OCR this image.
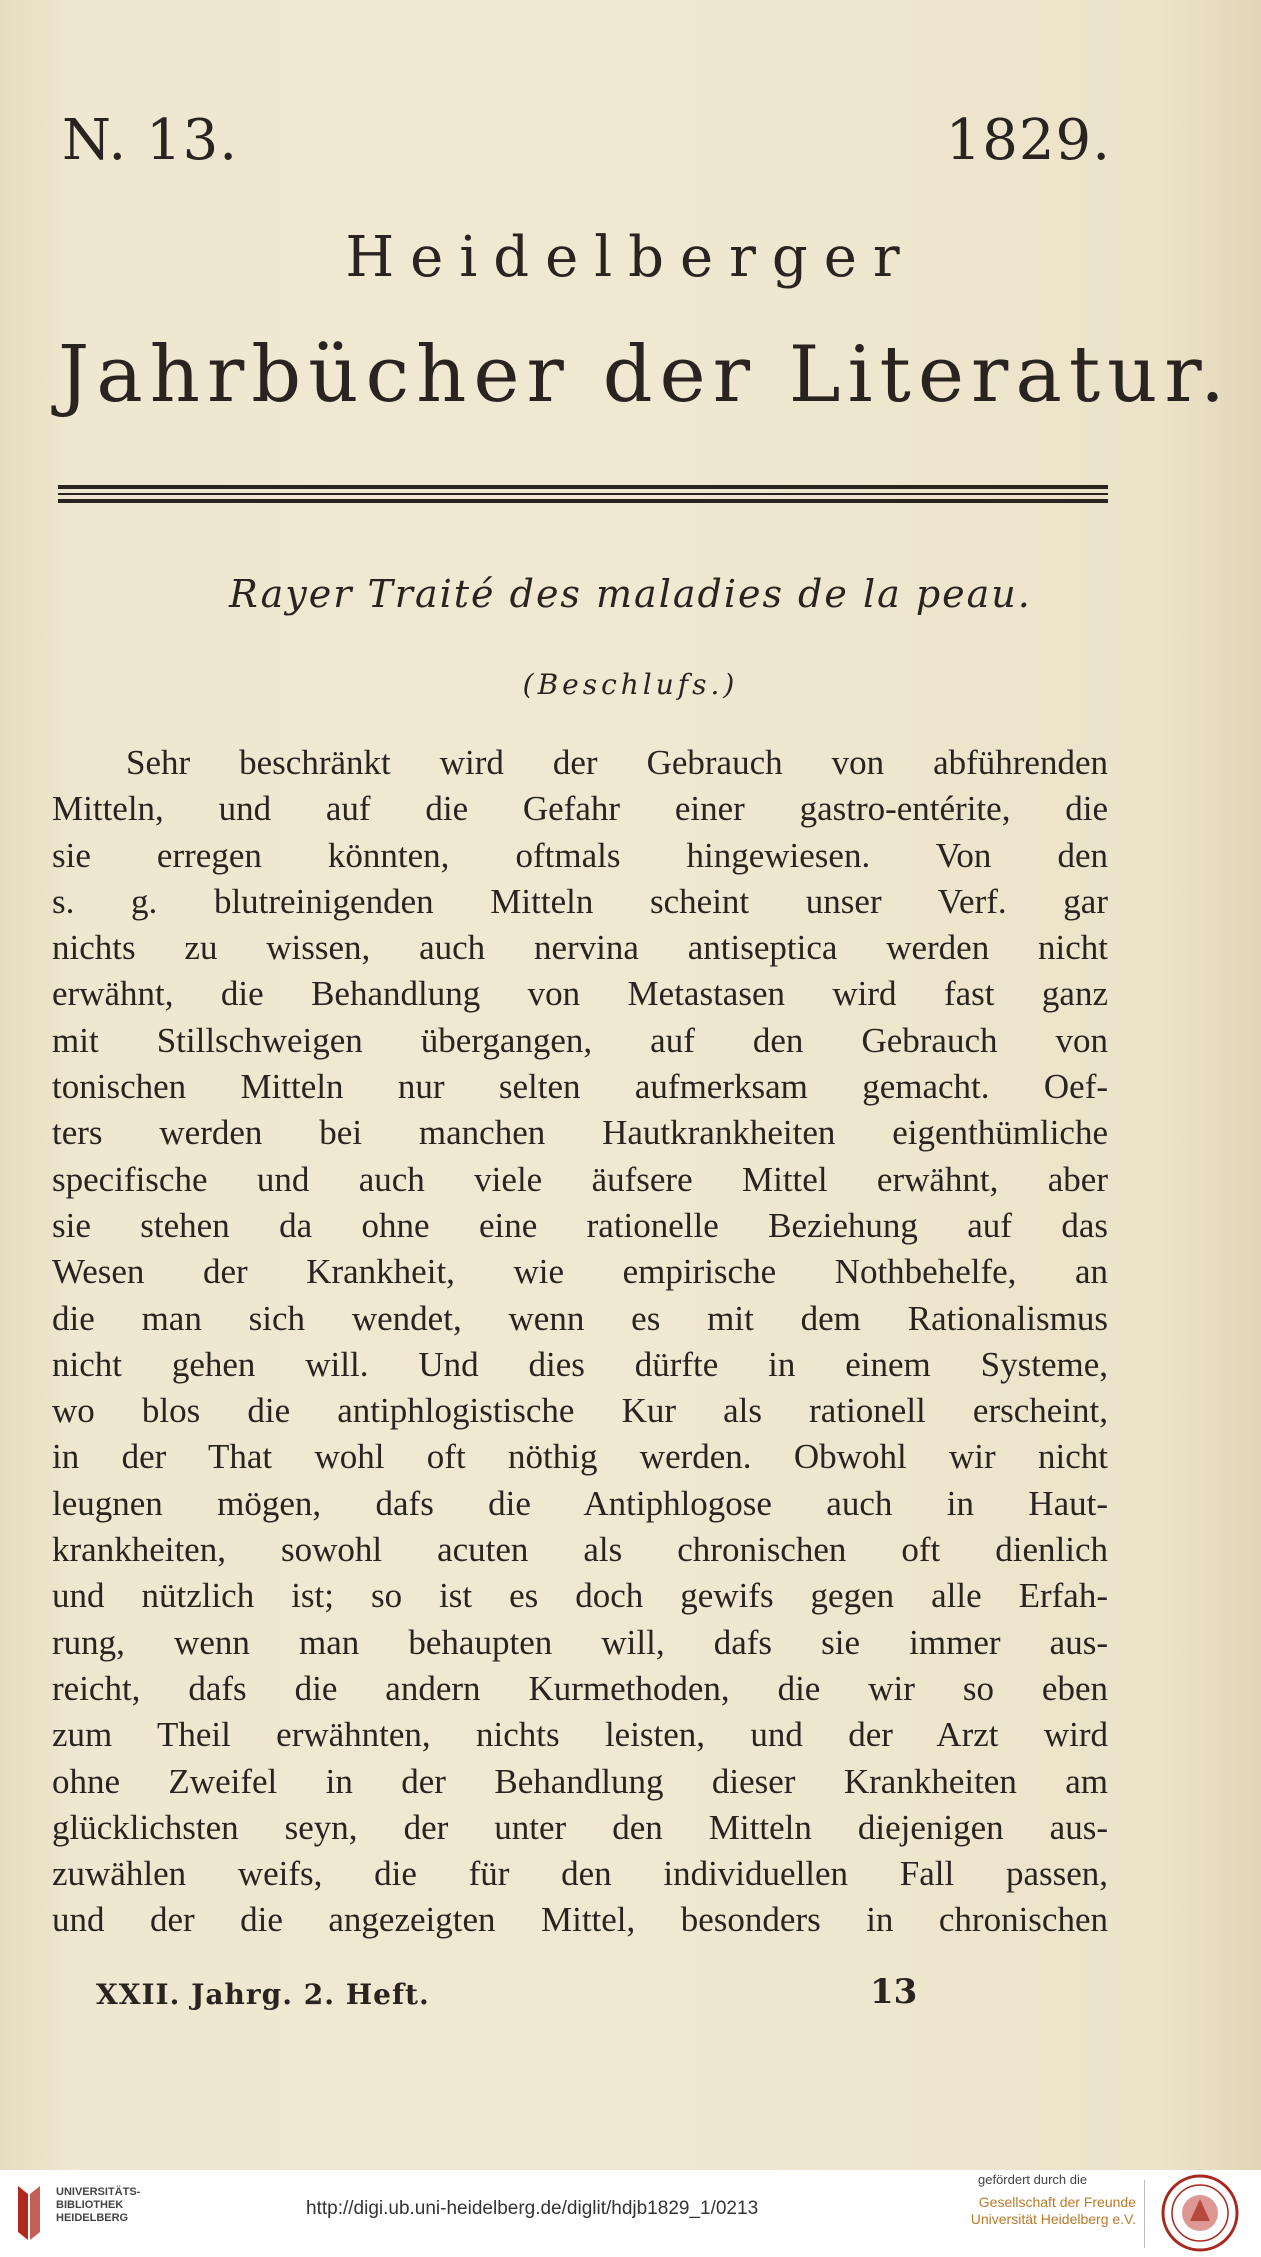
N. 13.	1829.
Heidelberger
Jahrbücher der Literatur.
Rayer Traité des maladies de la peau.
(Beschlufs.)
Sehr beschränkt wird der Gebrauch von abführenden
Mitteln, und auf die Gefahr einer gastro-entérite, die
sie erregen könnten, oftmals hingewiesen. Von den
s. g. blutreinigenden Mitteln scheint unser Verf. gar
nichts zu wissen, auch nervina antiseptica werden nicht
erwähnt, die Behandlung von Metastasen wird fast ganz
mit Stillschweigen übergangen, auf den Gebrauch von
tonischen Mitteln nur selten aufmerksam gemacht. Oef-
ters werden bei manchen Hautkrankheiten eigenthümliche
specifische und auch viele äufsere Mittel erwähnt, aber
sie stehen da ohne eine rationelle Beziehung auf das
Wesen der Krankheit, wie empirische Nothbehelfe, an
die man sich wendet, wenn es mit dem Rationalismus
nicht gehen will. Und dies dürfte in einem Systeme,
wo blos die antiphlogistische Kur als rationell erscheint,
in der That wohl oft nöthig werden. Obwohl wir nicht
leugnen mögen, dafs die Antiphlogose auch in Haut-
krankheiten, sowohl acuten als chronischen oft dienlich
und nützlich ist; so ist es doch gewifs gegen alle Erfah-
rung, wenn man behaupten will, dafs sie immer aus-
reicht, dafs die andern Kurmethoden, die wir so eben
zum Theil erwähnten, nichts leisten, und der Arzt wird
ohne Zweifel in der Behandlung dieser Krankheiten am
glücklichsten seyn, der unter den Mitteln diejenigen aus-
zuwählen weifs, die für den individuellen Fall passen,
und der die angezeigten Mittel, besonders in chronischen
XXII. Jahrg. 2. Heft.	13
UNIVERSITÄTS-
BIBLIOTHEK
HEIDELBERG	http://digi.ub.uni-heidelberg.de/diglit/hdjb1829_1/0213
gefördert durch die
Gesellschaft der Freunde
Universität Heidelberg e.V.
